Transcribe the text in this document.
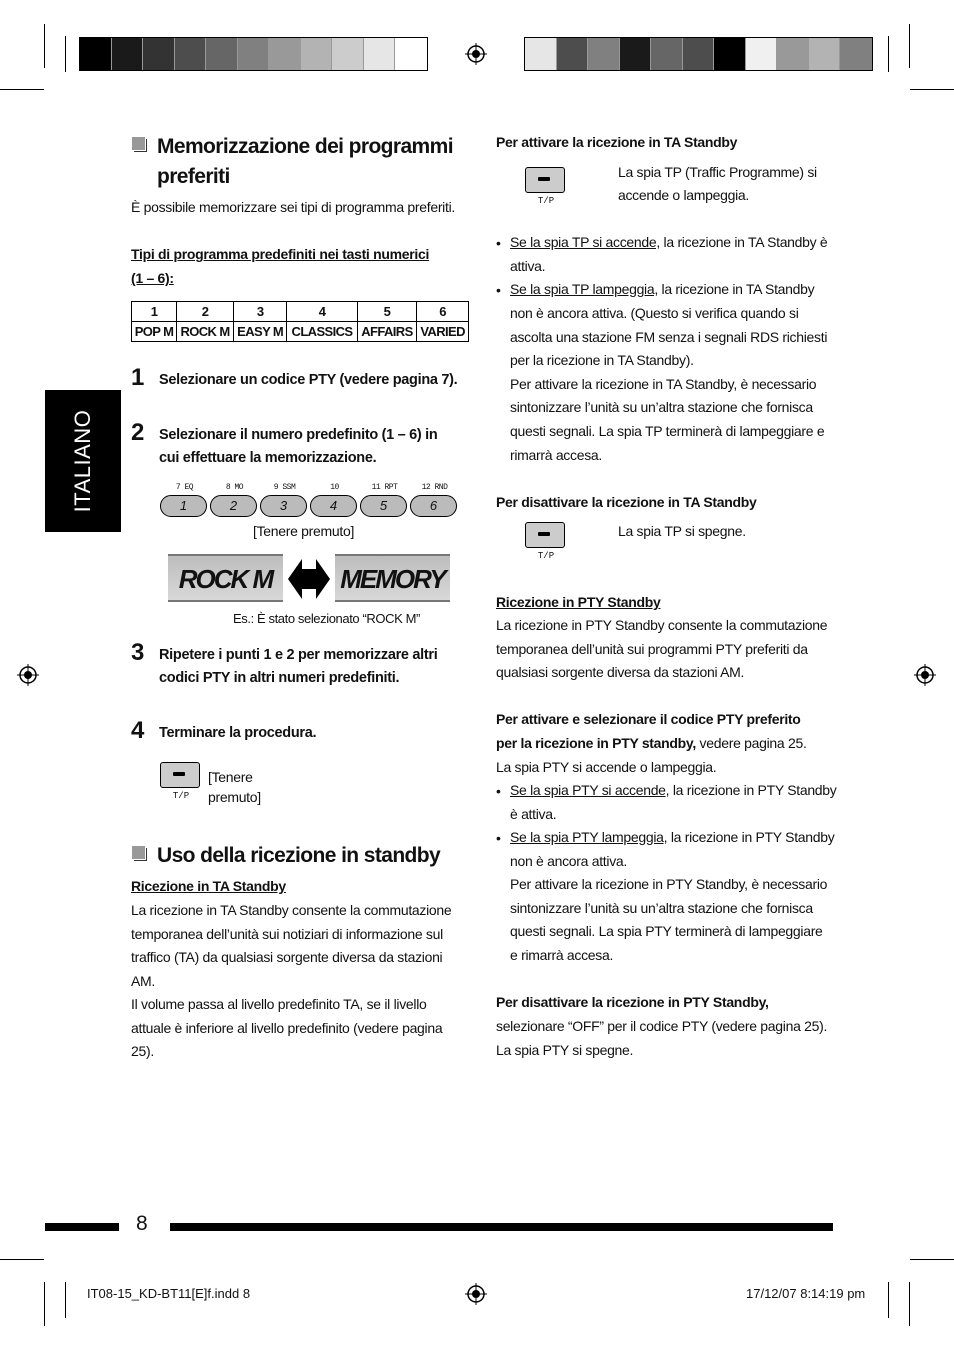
ITALIANO
Memorizzazione dei programmi
preferiti
È possibile memorizzare sei tipi di programma preferiti.
Tipi di programma predefiniti nei tasti numerici
(1 – 6):
1	2	3	4	5	6
POP M	ROCK M	EASY M	CLASSICS	AFFAIRS	VARIED
1 Selezionare un codice PTY (vedere pagina 7).
2 Selezionare il numero predefinito (1 – 6) in
cui effettuare la memorizzazione.
7 EQ
1
8 MO
2
9 SSM
3
10
4
11 RPT
5
12 RND
6
[Tenere premuto]
ROCK M	MEMORY
Es.: È stato selezionato “ROCK M”
3 Ripetere i punti 1 e 2 per memorizzare altri
codici PTY in altri numeri predefiniti.
4 Terminare la procedura.
T/P
[Tenere
premuto]
Uso della ricezione in standby
Ricezione in TA Standby
La ricezione in TA Standby consente la commutazione
temporanea dell’unità sui notiziari di informazione sul
traffico (TA) da qualsiasi sorgente diversa da stazioni
AM.
Il volume passa al livello predefinito TA, se il livello
attuale è inferiore al livello predefinito (vedere pagina
25).
Per attivare la ricezione in TA Standby
T/P
La spia TP (Traffic Programme) si
accende o lampeggia.
• Se la spia TP si accende, la ricezione in TA Standby è
attiva.
• Se la spia TP lampeggia, la ricezione in TA Standby
non è ancora attiva. (Questo si verifica quando si
ascolta una stazione FM senza i segnali RDS richiesti
per la ricezione in TA Standby).
Per attivare la ricezione in TA Standby, è necessario
sintonizzare l’unità su un’altra stazione che fornisca
questi segnali. La spia TP terminerà di lampeggiare e
rimarrà accesa.
Per disattivare la ricezione in TA Standby
T/P
La spia TP si spegne.
Ricezione in PTY Standby
La ricezione in PTY Standby consente la commutazione
temporanea dell’unità sui programmi PTY preferiti da
qualsiasi sorgente diversa da stazioni AM.
Per attivare e selezionare il codice PTY preferito
per la ricezione in PTY standby, vedere pagina 25.
La spia PTY si accende o lampeggia.
• Se la spia PTY si accende, la ricezione in PTY Standby
è attiva.
• Se la spia PTY lampeggia, la ricezione in PTY Standby
non è ancora attiva.
Per attivare la ricezione in PTY Standby, è necessario
sintonizzare l’unità su un’altra stazione che fornisca
questi segnali. La spia PTY terminerà di lampeggiare
e rimarrà accesa.
Per disattivare la ricezione in PTY Standby,
selezionare “OFF” per il codice PTY (vedere pagina 25).
La spia PTY si spegne.
8
IT08-15_KD-BT11[E]f.indd 8	17/12/07 8:14:19 pm
